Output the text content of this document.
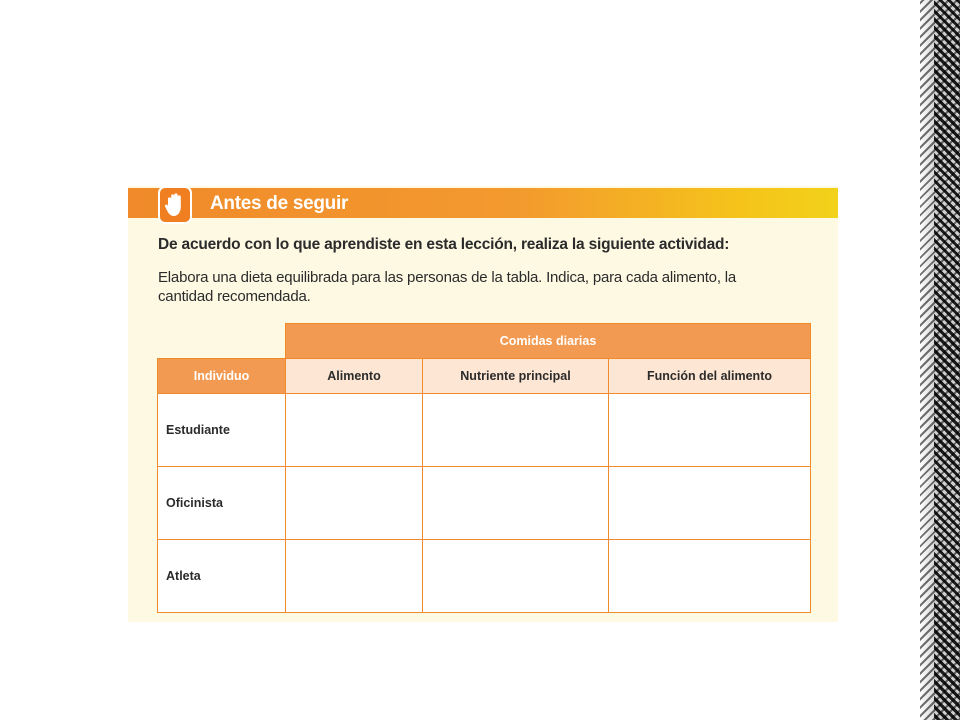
Antes de seguir
De acuerdo con lo que aprendiste en esta lección, realiza la siguiente actividad:
Elabora una dieta equilibrada para las personas de la tabla. Indica, para cada alimento, la
cantidad recomendada.
	Comidas diarias		
Individuo	Alimento	Nutriente principal	Función del alimento
Estudiante			
Oficinista			
Atleta			
